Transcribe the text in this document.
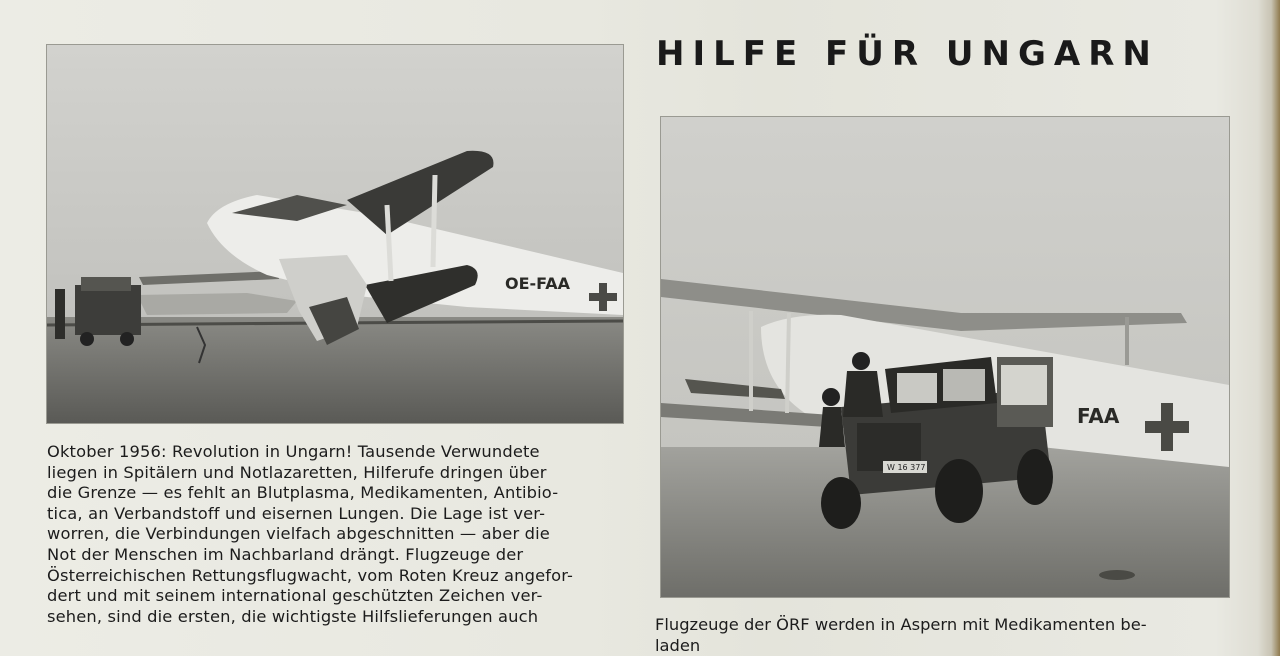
HILFE FÜR UNGARN
OE-FAA
FAA
W 16 377
Oktober 1956: Revolution in Ungarn! Tausende Verwundete
liegen in Spitälern und Notlazaretten, Hilferufe dringen über
die Grenze — es fehlt an Blutplasma, Medikamenten, Antibio-
tica, an Verbandstoff und eisernen Lungen. Die Lage ist ver-
worren, die Verbindungen vielfach abgeschnitten — aber die
Not der Menschen im Nachbarland drängt. Flugzeuge der
Österreichischen Rettungsflugwacht, vom Roten Kreuz angefor-
dert und mit seinem international geschützten Zeichen ver-
sehen, sind die ersten, die wichtigste Hilfslieferungen auch	Flugzeuge der ÖRF werden in Aspern mit Medikamenten be-
laden
